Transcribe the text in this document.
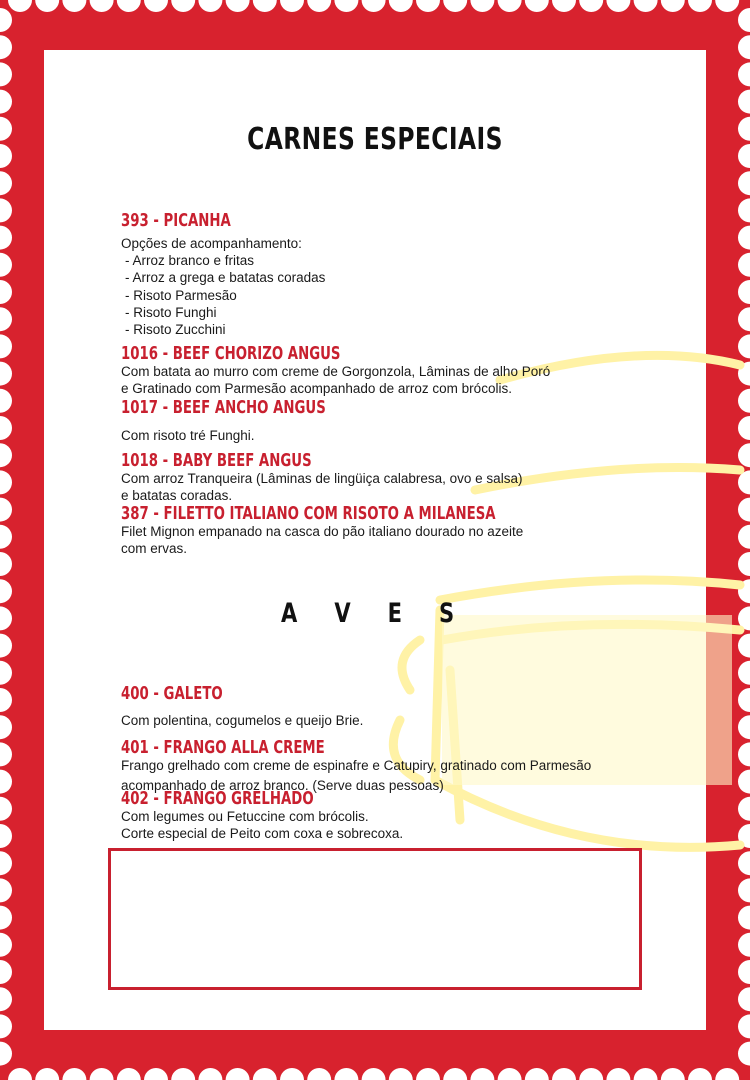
CARNES ESPECIAIS
393 - PICANHA
Opções de acompanhamento:
- Arroz branco e fritas
- Arroz a grega e batatas coradas
- Risoto Parmesão
- Risoto Funghi
- Risoto Zucchini
1016 - BEEF CHORIZO ANGUS
Com batata ao murro com creme de Gorgonzola, Lâminas de alho Poró
e Gratinado com Parmesão acompanhado de arroz com brócolis.
1017 - BEEF ANCHO ANGUS
Com risoto tré Funghi.
1018 - BABY BEEF ANGUS
Com arroz Tranqueira (Lâminas de lingüiça calabresa, ovo e salsa)
e batatas coradas.
387 - FILETTO ITALIANO COM RISOTO A MILANESA
Filet Mignon empanado na casca do pão italiano dourado no azeite
com ervas.
A V E S
400 - GALETO
Com polentina, cogumelos e queijo Brie.
401 - FRANGO ALLA CREME
Frango grelhado com creme de espinafre e Catupiry, gratinado com Parmesão
acompanhado de arroz branco. (Serve duas pessoas)
402 - FRANGO GRELHADO
Com legumes ou Fetuccine com brócolis.
Corte especial de Peito com coxa e sobrecoxa.
